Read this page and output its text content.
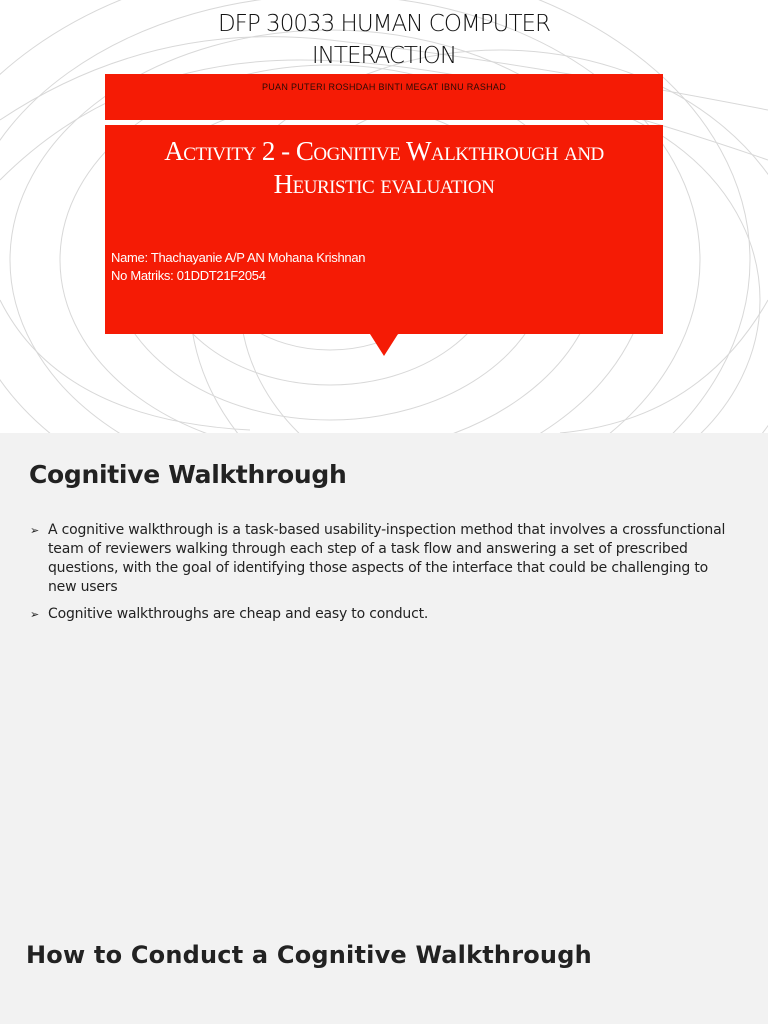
DFP 30033 HUMAN COMPUTER
INTERACTION
PUAN PUTERI ROSHDAH BINTI MEGAT IBNU RASHAD
Activity 2 - Cognitive Walkthrough and
Heuristic evaluation
Name: Thachayanie A/P AN Mohana Krishnan
No Matriks: 01DDT21F2054
Cognitive Walkthrough
➢ A cognitive walkthrough is a task-based usability-inspection method that involves a crossfunctional team of reviewers walking through each step of a task flow and answering a set of prescribed questions, with the goal of identifying those aspects of the interface that could be challenging to new users
➢ Cognitive walkthroughs are cheap and easy to conduct.
How to Conduct a Cognitive Walkthrough
